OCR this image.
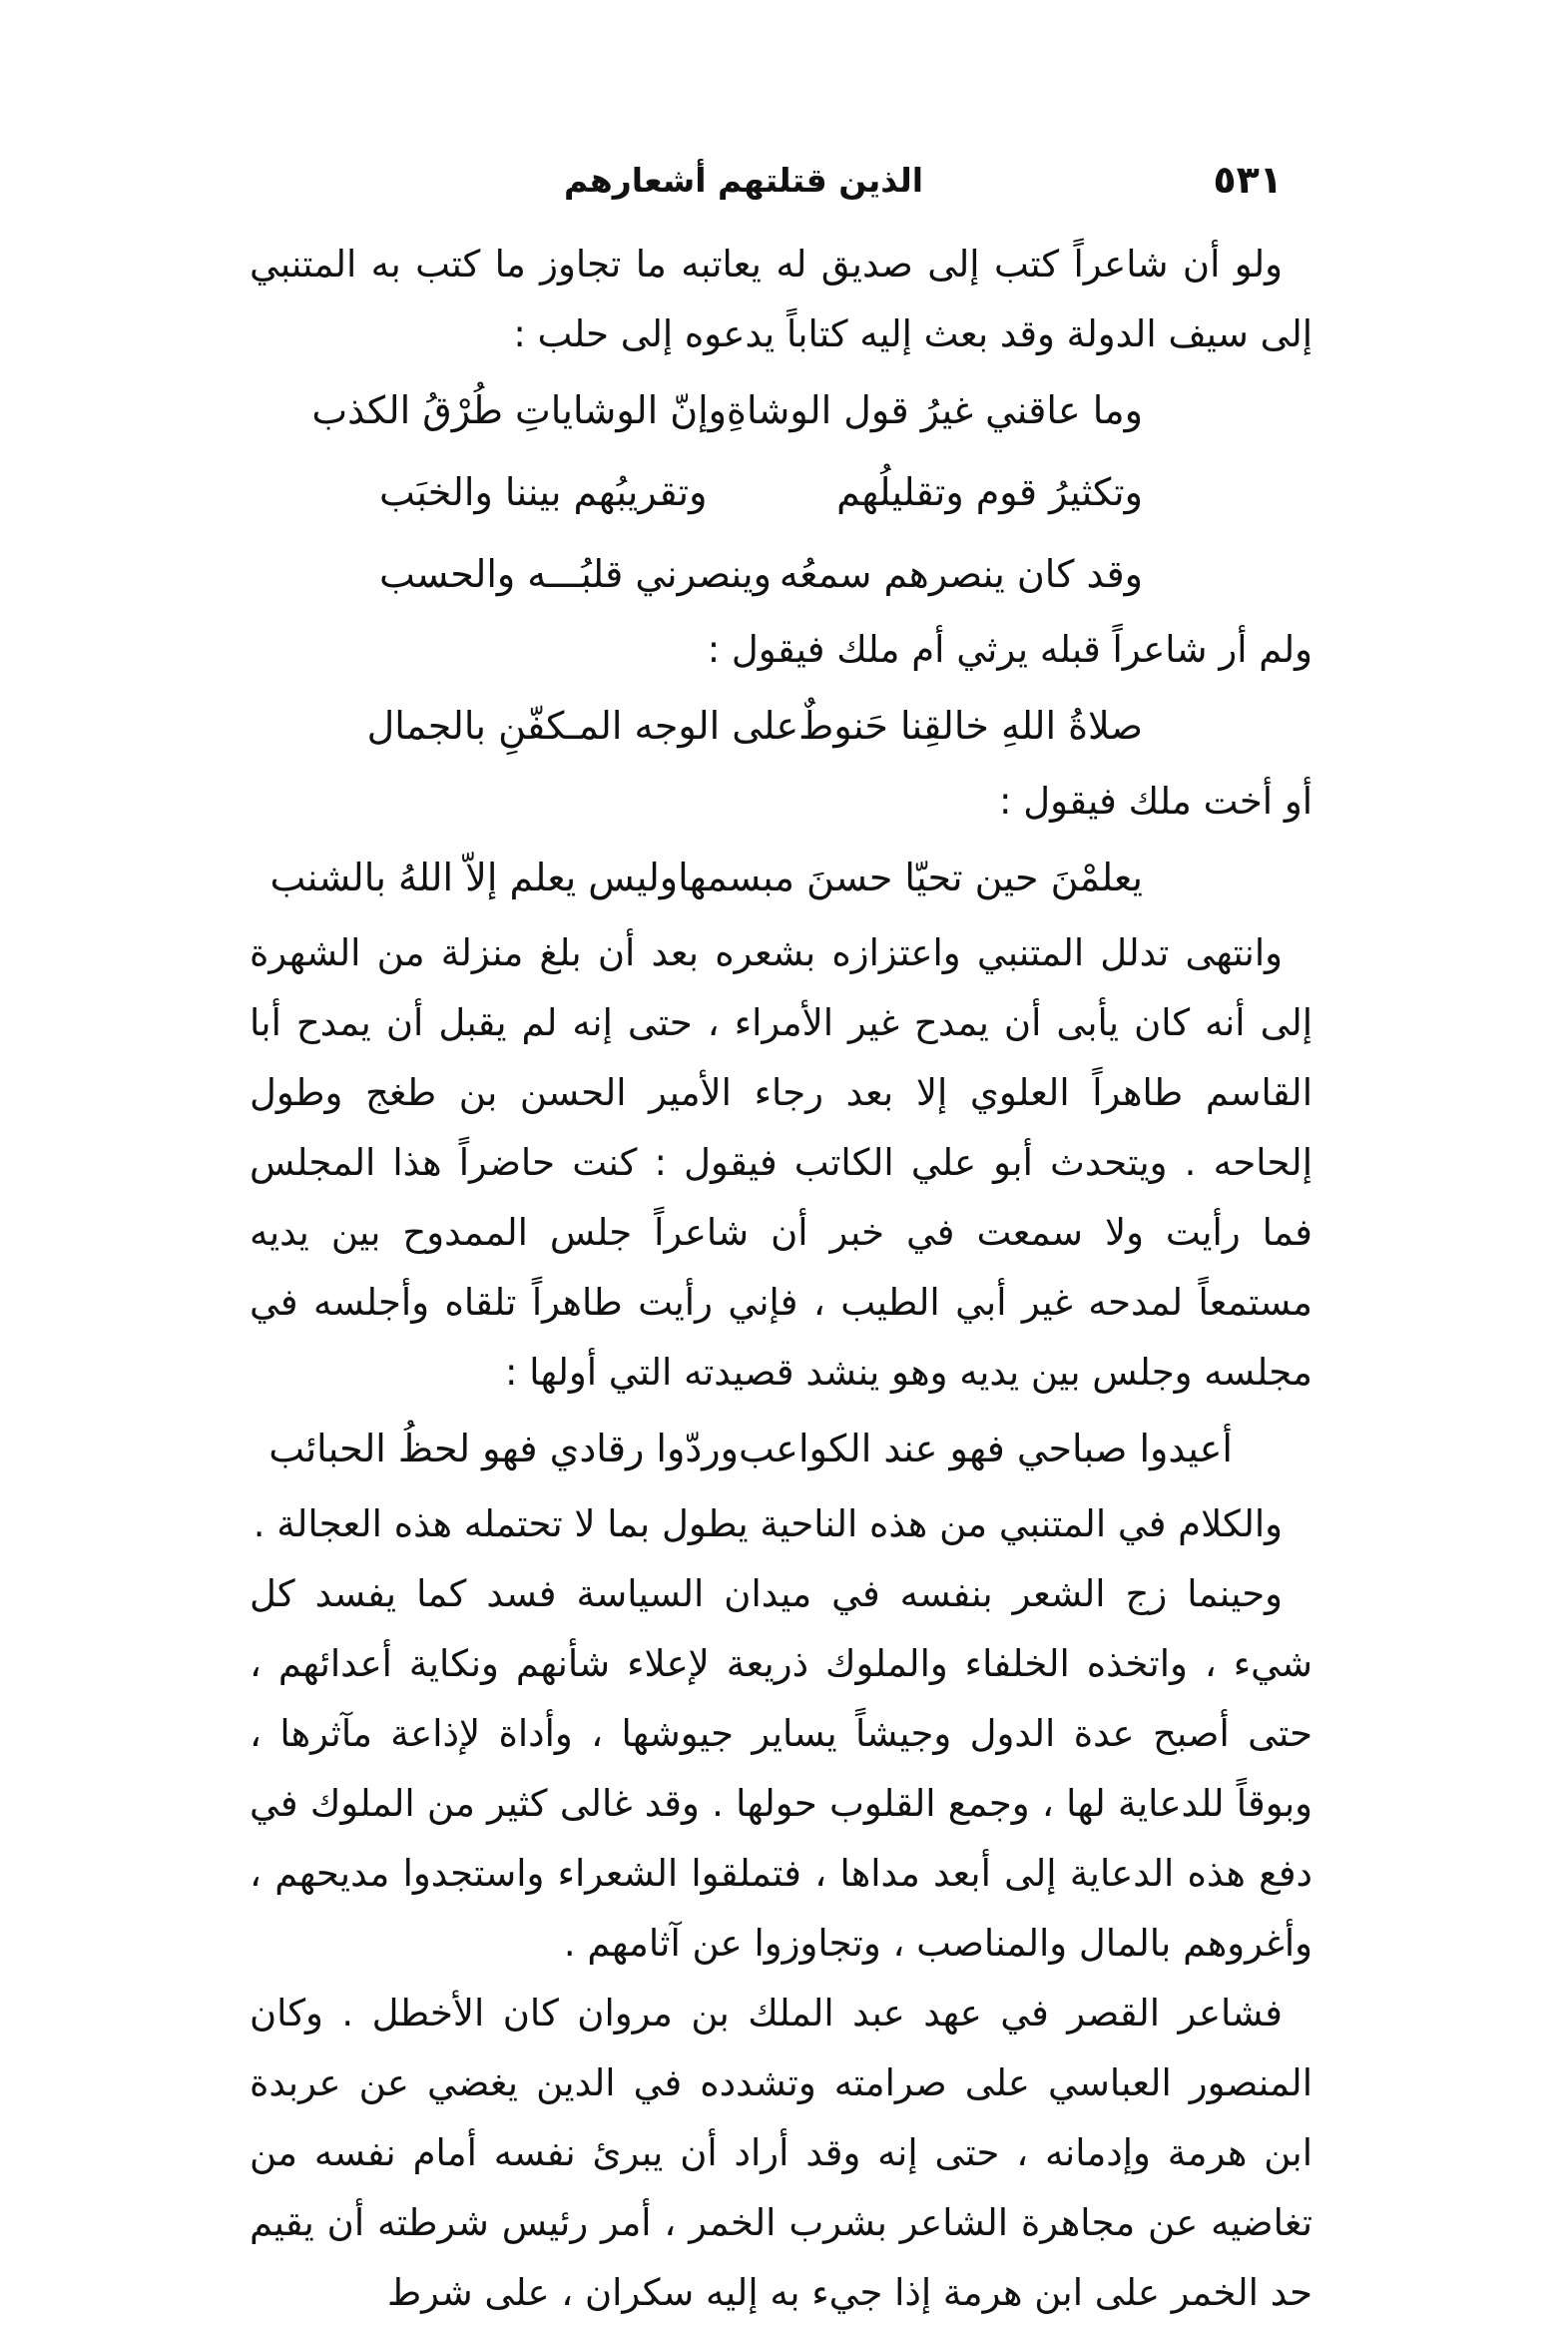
٥٣١
الذين قتلتهم أشعارهم
ولو أن شاعراً كتب إلى صديق له يعاتبه ما تجاوز ما كتب به المتنبي إلى سيف الدولة وقد بعث إليه كتاباً يدعوه إلى حلب :
وما عاقني غيرُ قول الوشاةِ
وإنّ الوشاياتِ طُرْقُ الكذب
وتكثيرُ قوم وتقليلُهم
وتقريبُهم بيننا والخبَب
وقد كان ينصرهم سمعُه
وينصرني قلبُـــه والحسب
ولم أر شاعراً قبله يرثي أم ملك فيقول :
صلاةُ اللهِ خالقِنا حَنوطٌ
على الوجه المـكفّنِ بالجمال
أو أخت ملك فيقول :
يعلمْنَ حين تحيّا حسنَ مبسمها
وليس يعلم إلاّ اللهُ بالشنب
وانتهى تدلل المتنبي واعتزازه بشعره بعد أن بلغ منزلة من الشهرة إلى أنه كان يأبى أن يمدح غير الأمراء ، حتى إنه لم يقبل أن يمدح أبا القاسم طاهراً العلوي إلا بعد رجاء الأمير الحسن بن طغج وطول إلحاحه . ويتحدث أبو علي الكاتب فيقول : كنت حاضراً هذا المجلس فما رأيت ولا سمعت في خبر أن شاعراً جلس الممدوح بين يديه مستمعاً لمدحه غير أبي الطيب ، فإني رأيت طاهراً تلقاه وأجلسه في مجلسه وجلس بين يديه وهو ينشد قصيدته التي أولها :
أعيدوا صباحي فهو عند الكواعب
وردّوا رقادي فهو لحظُ الحبائب
والكلام في المتنبي من هذه الناحية يطول بما لا تحتمله هذه العجالة .
وحينما زج الشعر بنفسه في ميدان السياسة فسد كما يفسد كل شيء ، واتخذه الخلفاء والملوك ذريعة لإعلاء شأنهم ونكاية أعدائهم ، حتى أصبح عدة الدول وجيشاً يساير جيوشها ، وأداة لإذاعة مآثرها ، وبوقاً للدعاية لها ، وجمع القلوب حولها . وقد غالى كثير من الملوك في دفع هذه الدعاية إلى أبعد مداها ، فتملقوا الشعراء واستجدوا مديحهم ، وأغروهم بالمال والمناصب ، وتجاوزوا عن آثامهم .
فشاعر القصر في عهد عبد الملك بن مروان كان الأخطل . وكان المنصور العباسي على صرامته وتشدده في الدين يغضي عن عربدة ابن هرمة وإدمانه ، حتى إنه وقد أراد أن يبرئ نفسه أمام نفسه من تغاضيه عن مجاهرة الشاعر بشرب الخمر ، أمر رئيس شرطته أن يقيم حد الخمر على ابن هرمة إذا جيء به إليه سكران ، على شرط
